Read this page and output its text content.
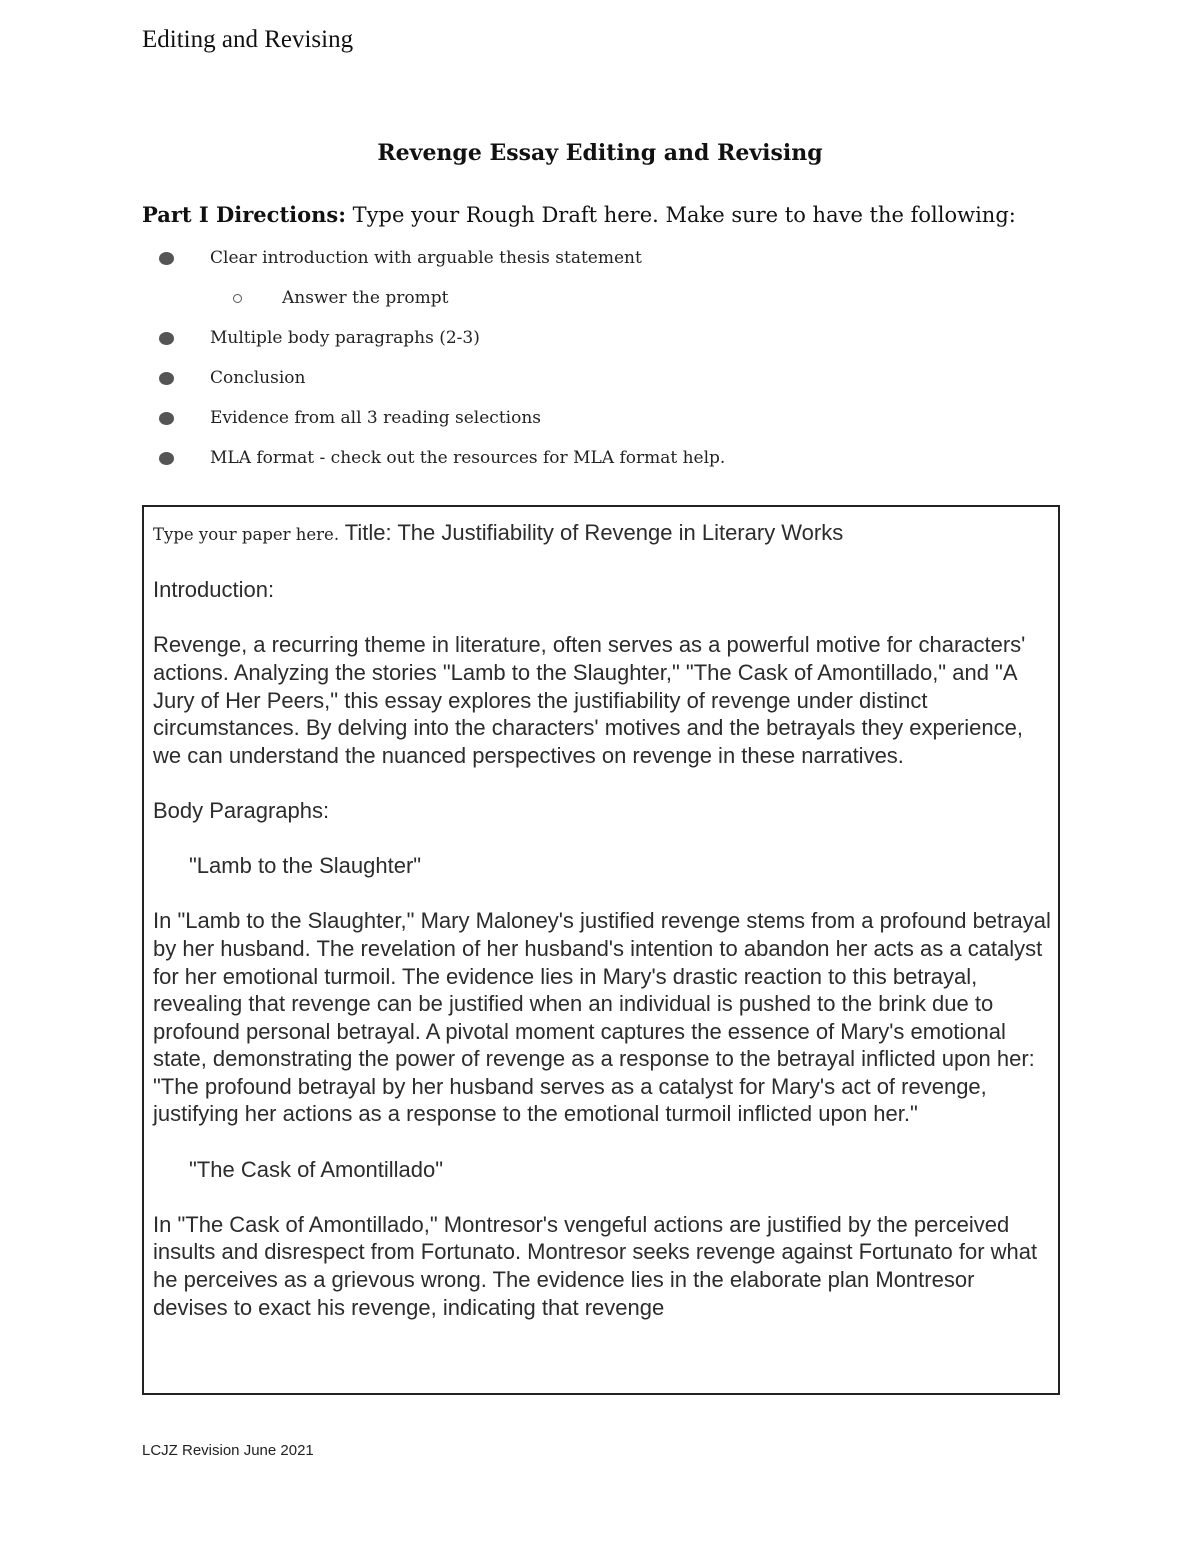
Editing and Revising
Revenge Essay Editing and Revising
Part I Directions: Type your Rough Draft here. Make sure to have the following:
Clear introduction with arguable thesis statement
Answer the prompt
Multiple body paragraphs (2-3)
Conclusion
Evidence from all 3 reading selections
MLA format - check out the resources for MLA format help.

Type your paper here. Title: The Justifiability of Revenge in Literary Works

Introduction:

Revenge, a recurring theme in literature, often serves as a powerful motive for characters' actions. Analyzing the stories "Lamb to the Slaughter," "The Cask of Amontillado," and "A Jury of Her Peers," this essay explores the justifiability of revenge under distinct circumstances. By delving into the characters' motives and the betrayals they experience, we can understand the nuanced perspectives on revenge in these narratives.

Body Paragraphs:

"Lamb to the Slaughter"

In "Lamb to the Slaughter," Mary Maloney's justified revenge stems from a profound betrayal by her husband. The revelation of her husband's intention to abandon her acts as a catalyst for her emotional turmoil. The evidence lies in Mary's drastic reaction to this betrayal, revealing that revenge can be justified when an individual is pushed to the brink due to profound personal betrayal. A pivotal moment captures the essence of Mary's emotional state, demonstrating the power of revenge as a response to the betrayal inflicted upon her: "The profound betrayal by her husband serves as a catalyst for Mary's act of revenge, justifying her actions as a response to the emotional turmoil inflicted upon her."

"The Cask of Amontillado"

In "The Cask of Amontillado," Montresor's vengeful actions are justified by the perceived insults and disrespect from Fortunato. Montresor seeks revenge against Fortunato for what he perceives as a grievous wrong. The evidence lies in the elaborate plan Montresor devises to exact his revenge, indicating that revenge

LCJZ Revision June 2021
